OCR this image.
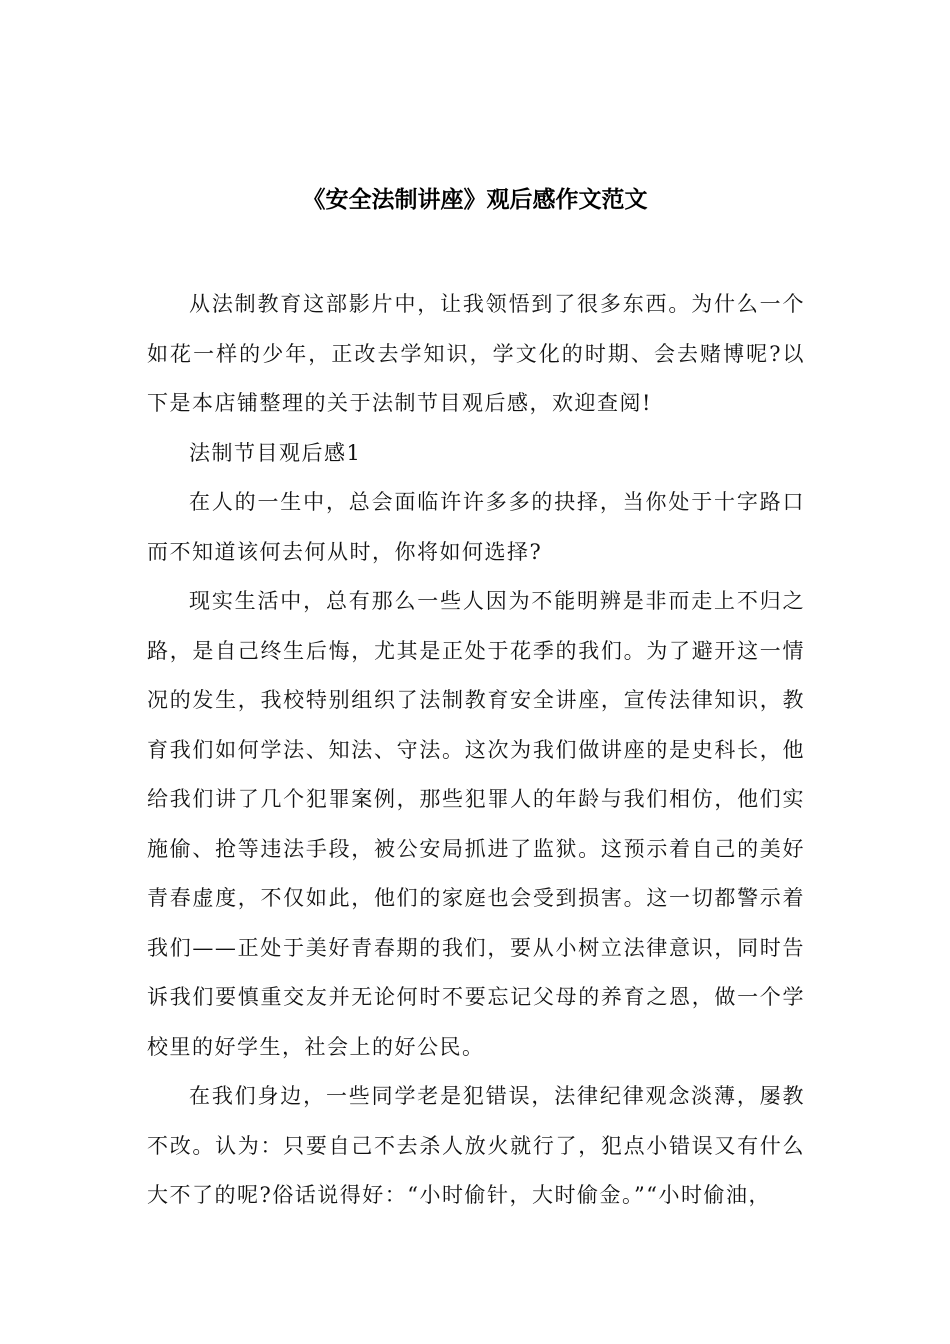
《安全法制讲座》观后感作文范文

从法制教育这部影片中，让我领悟到了很多东西。为什么一个如花一样的少年，正改去学知识，学文化的时期、会去赌博呢?以下是本店铺整理的关于法制节目观后感，欢迎查阅!

法制节目观后感1

在人的一生中，总会面临许许多多的抉择，当你处于十字路口而不知道该何去何从时，你将如何选择?

现实生活中，总有那么一些人因为不能明辨是非而走上不归之路，是自己终生后悔，尤其是正处于花季的我们。为了避开这一情况的发生，我校特别组织了法制教育安全讲座，宣传法律知识，教育我们如何学法、知法、守法。这次为我们做讲座的是史科长，他给我们讲了几个犯罪案例，那些犯罪人的年龄与我们相仿，他们实施偷、抢等违法手段，被公安局抓进了监狱。这预示着自己的美好青春虚度，不仅如此，他们的家庭也会受到损害。这一切都警示着我们——正处于美好青春期的我们，要从小树立法律意识，同时告诉我们要慎重交友并无论何时不要忘记父母的养育之恩，做一个学校里的好学生，社会上的好公民。

在我们身边，一些同学老是犯错误，法律纪律观念淡薄，屡教不改。认为：只要自己不去杀人放火就行了，犯点小错误又有什么大不了的呢?俗话说得好：“小时偷针，大时偷金。”“小时偷油，
